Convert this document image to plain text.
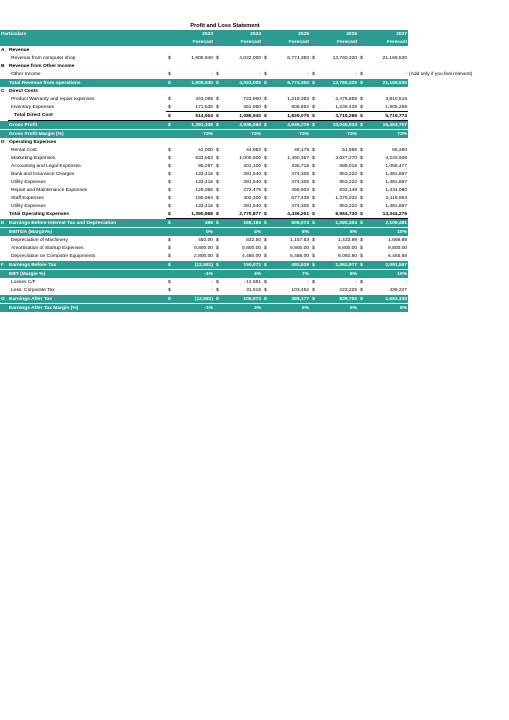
Profit and Loss Statement
Particulars		2023		2024		2025		2026		2027	
		Forecast		Forecast		Forecast		Forecast		Forecast	
A	Revenue										
	Revenue from computer shop	$	1,905,940	$	4,022,000	$	6,774,350	$	13,760,320	$	21,169,530
B	Revenue from Other Income										
	Other Income	$	-	$	-	$	-	$	-	$	-
	Total Revenue from operations	$	1,905,940	$	4,022,000	$	6,774,350	$	13,760,320	$	21,169,530
C	Direct Costs										
	Product Warranty and repair expenses	$	343,069	$	723,960	$	1,219,383	$	2,476,858	$	3,810,515
	Inventory Expenses	$	171,535	$	361,980	$	609,692	$	1,238,429	$	1,905,258
	Total Direct Cost	$	514,604	$	1,085,940	$	1,829,075	$	3,715,286	$	5,715,773
	Gross Profit	$	1,391,336	$	2,936,060	$	4,945,276	$	10,045,034	$	15,453,757
	Gross Profit Margin (%)	73%		73%		73%		73%		73%	
D	Operating Expenses										
	Rental Cost	$	42,000	$	44,982	$	48,176	$	51,596	$	55,260
	Marketing Expenses	$	533,663	$	1,005,500	$	1,490,357	$	3,027,270	$	4,233,906
	Accounting and Legal Expenses	$	95,297	$	201,100	$	338,718	$	688,016	$	1,058,477
	Bank and Insurance Charges	$	133,416	$	281,540	$	474,205	$	963,222	$	1,481,867
	Utility Expenses	$	133,416	$	281,540	$	474,205	$	963,222	$	1,481,867
	Repair and Maintenance Expenses	$	129,066	$	272,475	$	458,903	$	932,148	$	1,434,080
	Staff Expenses	$	190,594	$	402,200	$	677,435	$	1,376,032	$	2,116,953
	Utility Expenses	$	133,416	$	281,540	$	474,205	$	963,222	$	1,481,867
	Total Operating Expenses	$	1,390,868	$	2,770,877	$	4,436,201	$	8,964,730	$	13,344,276
E	Earnings Before Interest Tax and Depreciation	$	469	$	165,183	$	509,074	$	1,080,304	$	2,109,481
	EBITDA (Margin%)	0%		4%		8%		8%		10%	
	Depreciation of Machinery	$	450.00	$	832.50	$	1,157.63	$	1,433.98	$	1,668.88
	Amortisation of Startup Expenses	$	9,800.00	$	9,800.00	$	9,800.00	$	9,800.00	$	9,800.00
	Depreciation on Computer Equipments	$	2,800.00	$	4,480.00	$	5,488.00	$	6,092.80	$	6,455.68
F	Earnings Before Tax	$	(12,581)	$	150,071	$	492,629	$	1,062,977	$	2,091,557
	EBT (Margin %)	-1%		4%		7%		8%		10%	
	Losses C/F	$	-	$	-12,581	$	-	$	-	$	-
	Less: Corporate Tax	$	-	$	31,515	$	103,452	$	223,225	$	439,227
G	Earnings After Tax	$	(12,581)	$	105,974	$	389,177	$	839,752	$	1,652,330
	Earnings After Tax Margin (%)	-1%		3%		6%		6%		8%	
(Add only if you feel relevent)
